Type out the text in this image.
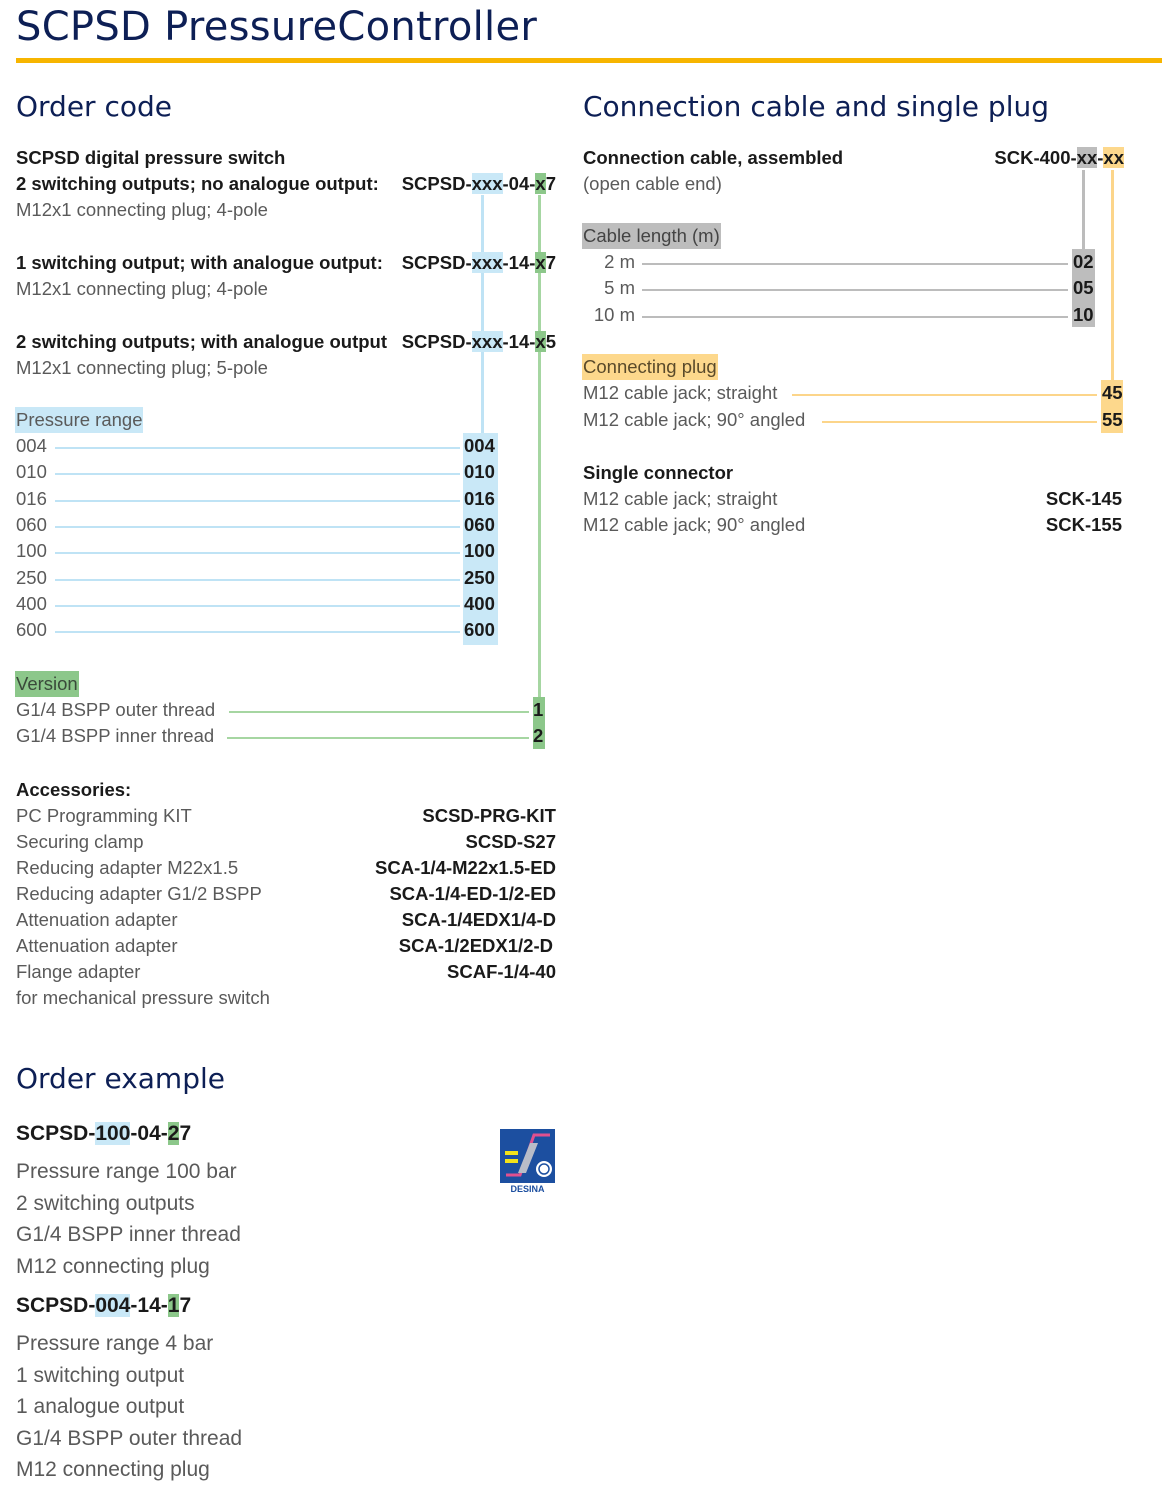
SCPSD PressureController
Order code
SCPSD digital pressure switch
2 switching outputs; no analogue output: SCPSD-xxx-04-x7
M12x1 connecting plug; 4-pole
1 switching output; with analogue output: SCPSD-xxx-14-x7
M12x1 connecting plug; 4-pole
2 switching outputs; with analogue output SCPSD-xxx-14-x5
M12x1 connecting plug; 5-pole
Pressure range
004	004
010	010
016	016
060	060
100	100
250	250
400	400
600	600
Version
G1/4 BSPP outer thread	1
G1/4 BSPP inner thread	2
Accessories:
PC Programming KIT	SCSD-PRG-KIT
Securing clamp	SCSD-S27
Reducing adapter M22x1.5	SCA-1/4-M22x1.5-ED
Reducing adapter G1/2 BSPP	SCA-1/4-ED-1/2-ED
Attenuation adapter	SCA-1/4EDX1/4-D
Attenuation adapter	SCA-1/2EDX1/2-D
Flange adapter	SCAF-1/4-40
for mechanical pressure switch
Order example
SCPSD-100-04-27
Pressure range 100 bar
2 switching outputs
G1/4 BSPP inner thread
M12 connecting plug
SCPSD-004-14-17
Pressure range 4 bar
1 switching output
1 analogue output
G1/4 BSPP outer thread
M12 connecting plug
DESINA
Connection cable and single plug
Connection cable, assembled	SCK-400-xx-xx
(open cable end)
Cable length (m)
2 m	02
5 m	05
10 m	10
Connecting plug
M12 cable jack; straight	45
M12 cable jack; 90° angled	55
Single connector
M12 cable jack; straight	SCK-145
M12 cable jack; 90° angled	SCK-155
